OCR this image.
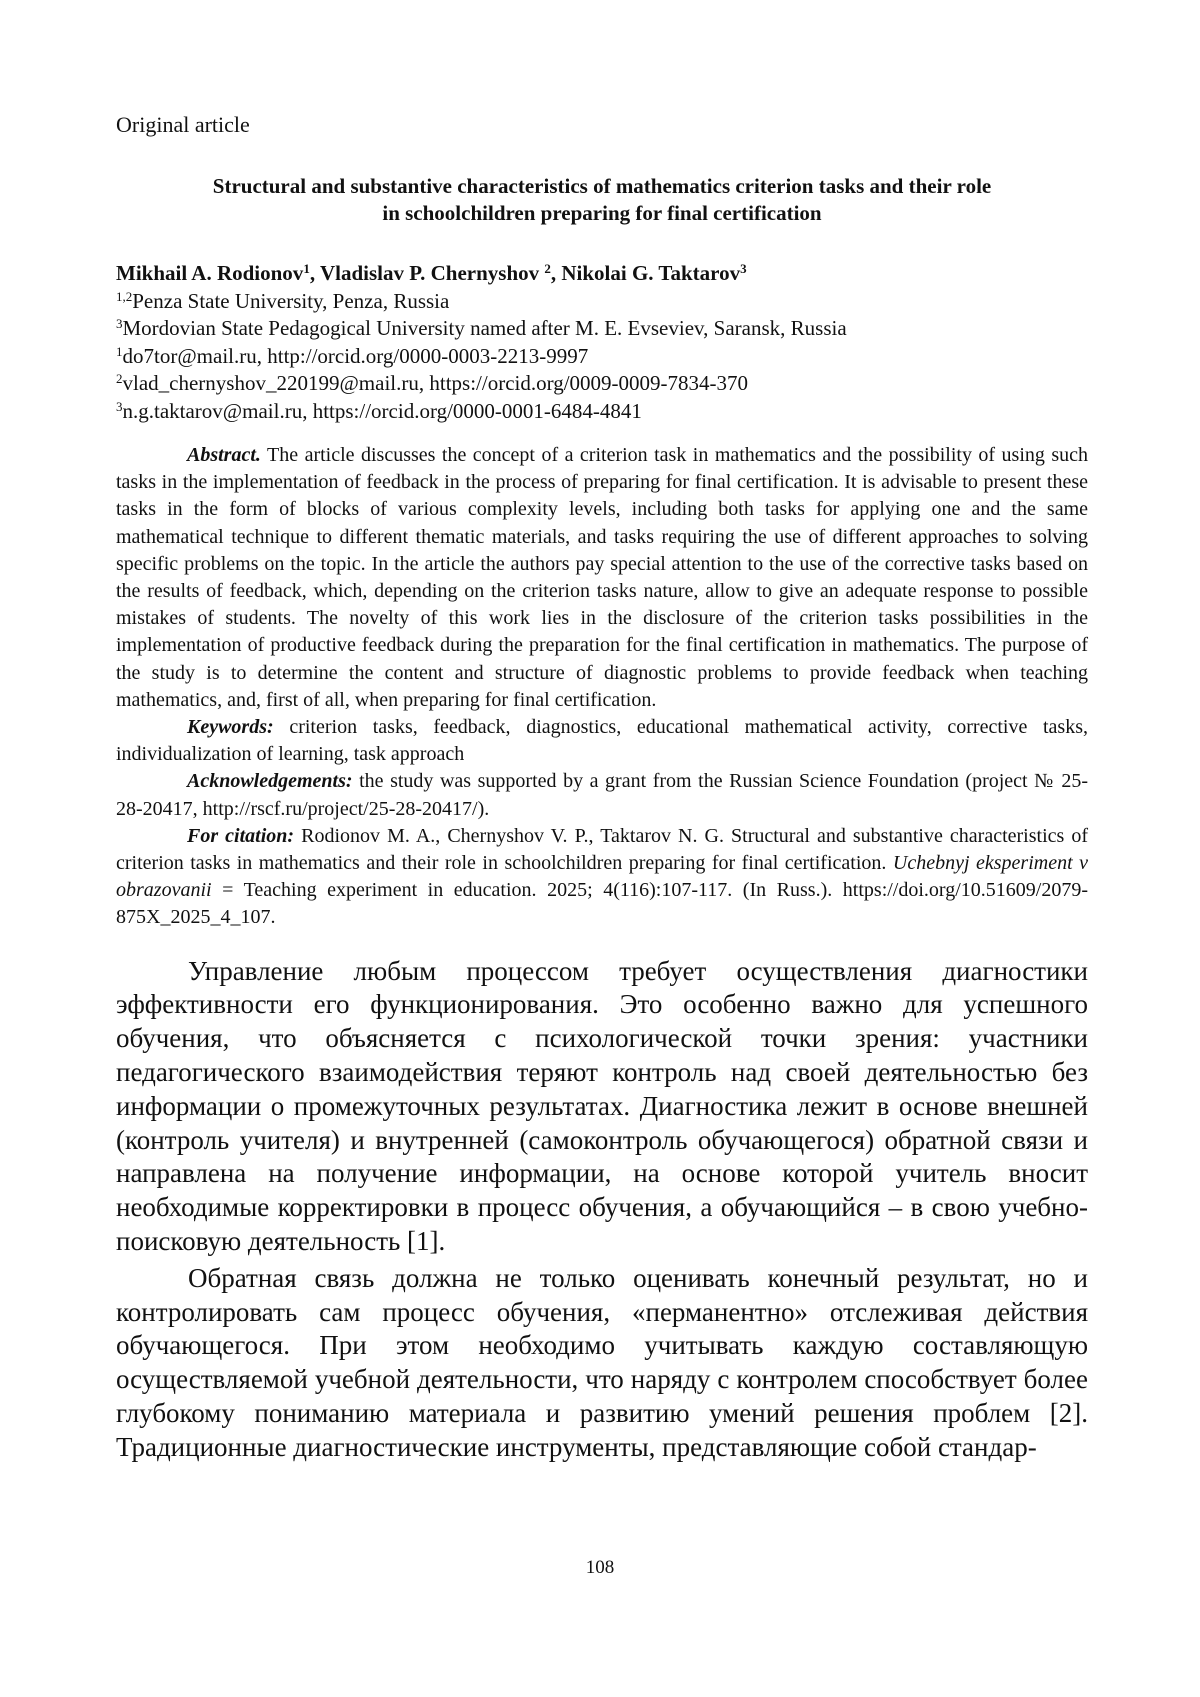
Original article

Structural and substantive characteristics of mathematics criterion tasks and their role
in schoolchildren preparing for final certification
Mikhail A. Rodionov$^1$, Vladislav P. Chernyshov $^2$, Nikolai G. Taktarov$^3$
$^{1,2}$Penza State University, Penza, Russia
$^3$Mordovian State Pedagogical University named after M. E. Evseviev, Saransk, Russia
$^1$do7tor@mail.ru, http://orcid.org/0000-0003-2213-9997
$^2$vlad_chernyshov_220199@mail.ru, https://orcid.org/0009-0009-7834-370
$^3$n.g.taktarov@mail.ru, https://orcid.org/0000-0001-6484-4841

Abstract. The article discusses the concept of a criterion task in mathematics and the possibility of using such tasks in the implementation of feedback in the process of preparing for final certification. It is advisable to present these tasks in the form of blocks of various complexity levels, including both tasks for applying one and the same mathematical technique to different thematic materials, and tasks requiring the use of different approaches to solving specific problems on the topic. In the article the authors pay special attention to the use of the corrective tasks based on the results of feedback, which, depending on the criterion tasks nature, allow to give an adequate response to possible mistakes of students. The novelty of this work lies in the disclosure of the criterion tasks possibilities in the implementation of productive feedback during the preparation for the final certification in mathematics. The purpose of the study is to determine the content and structure of diagnostic problems to provide feedback when teaching mathematics, and, first of all, when preparing for final certification.

Keywords: criterion tasks, feedback, diagnostics, educational mathematical activity, corrective tasks, individualization of learning, task approach

Acknowledgements: the study was supported by a grant from the Russian Science Foundation (project № 25-28-20417, http://rscf.ru/project/25-28-20417/).

For citation: Rodionov M. A., Chernyshov V. P., Taktarov N. G. Structural and substantive characteristics of criterion tasks in mathematics and their role in schoolchildren preparing for final certification. Uchebnyj eksperiment v obrazovanii = Teaching experiment in education. 2025; 4(116):107-117. (In Russ.). https://doi.org/10.51609/2079-875X_2025_4_107.

Управление любым процессом требует осуществления диагностики эффективности его функционирования. Это особенно важно для успешного обучения, что объясняется с психологической точки зрения: участники педагогического взаимодействия теряют контроль над своей деятельностью без информации о промежуточных результатах. Диагностика лежит в основе внешней (контроль учителя) и внутренней (самоконтроль обучающегося) обратной связи и направлена на получение информации, на основе которой учитель вносит необходимые корректировки в процесс обучения, а обучающийся – в свою учебно-поисковую деятельность [1].

Обратная связь должна не только оценивать конечный результат, но и контролировать сам процесс обучения, «перманентно» отслеживая действия обучающегося. При этом необходимо учитывать каждую составляющую осуществляемой учебной деятельности, что наряду с контролем способствует более глубокому пониманию материала и развитию умений решения проблем [2]. Традиционные диагностические инструменты, представляющие собой стандар-

108
